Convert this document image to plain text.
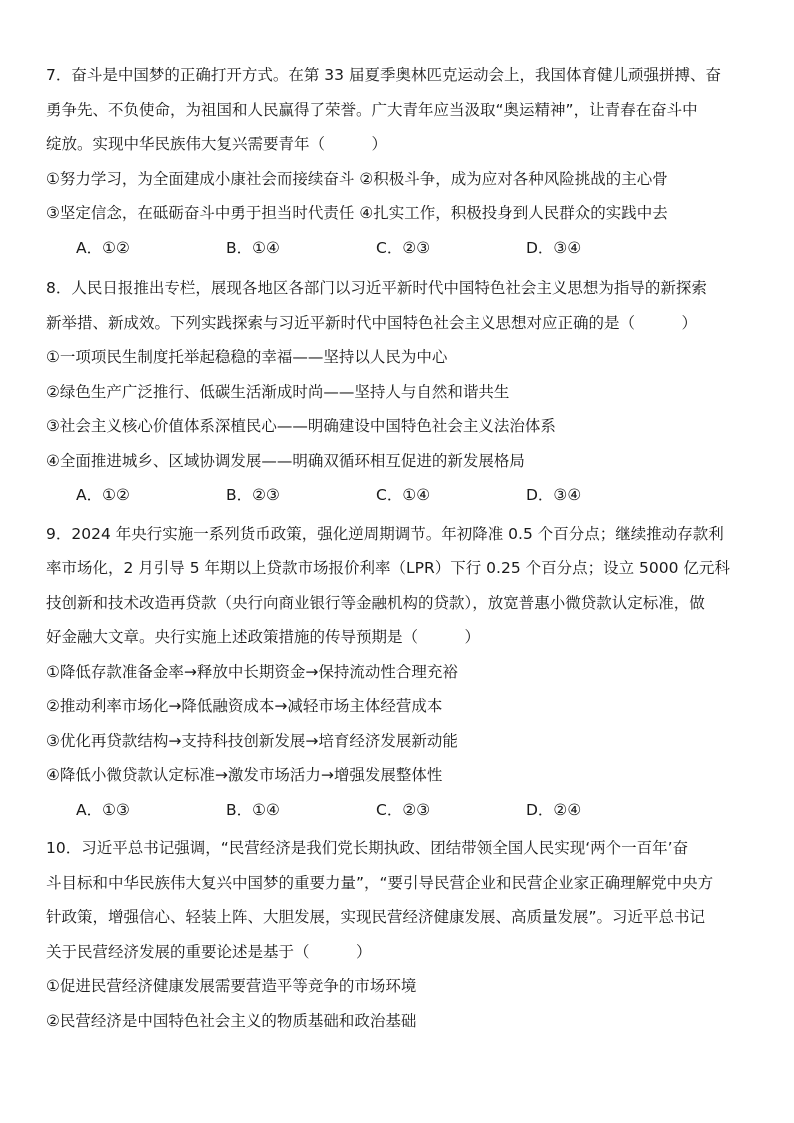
7．奋斗是中国梦的正确打开方式。在第 33 届夏季奥林匹克运动会上，我国体育健儿顽强拼搏、奋

勇争先、不负使命，为祖国和人民赢得了荣誉。广大青年应当汲取“奥运精神”，让青春在奋斗中

绽放。实现中华民族伟大复兴需要青年（　　　）

①努力学习，为全面建成小康社会而接续奋斗 ②积极斗争，成为应对各种风险挑战的主心骨

③坚定信念，在砥砺奋斗中勇于担当时代责任 ④扎实工作，积极投身到人民群众的实践中去

A．①②	B．①④	C．②③	D．③④

8．人民日报推出专栏，展现各地区各部门以习近平新时代中国特色社会主义思想为指导的新探索

新举措、新成效。下列实践探索与习近平新时代中国特色社会主义思想对应正确的是（　　　）

①一项项民生制度托举起稳稳的幸福——坚持以人民为中心

②绿色生产广泛推行、低碳生活渐成时尚——坚持人与自然和谐共生

③社会主义核心价值体系深植民心——明确建设中国特色社会主义法治体系

④全面推进城乡、区域协调发展——明确双循环相互促进的新发展格局

A．①②	B．②③	C．①④	D．③④

9．2024 年央行实施一系列货币政策，强化逆周期调节。年初降准 0.5 个百分点；继续推动存款利

率市场化，2 月引导 5 年期以上贷款市场报价利率（LPR）下行 0.25 个百分点；设立 5000 亿元科

技创新和技术改造再贷款（央行向商业银行等金融机构的贷款），放宽普惠小微贷款认定标准，做

好金融大文章。央行实施上述政策措施的传导预期是（　　　）

①降低存款准备金率→释放中长期资金→保持流动性合理充裕

②推动利率市场化→降低融资成本→减轻市场主体经营成本

③优化再贷款结构→支持科技创新发展→培育经济发展新动能

④降低小微贷款认定标准→激发市场活力→增强发展整体性

A．①③	B．①④	C．②③	D．②④

10．习近平总书记强调，“民营经济是我们党长期执政、团结带领全国人民实现‘两个一百年’奋

斗目标和中华民族伟大复兴中国梦的重要力量”，“要引导民营企业和民营企业家正确理解党中央方

针政策，增强信心、轻装上阵、大胆发展，实现民营经济健康发展、高质量发展”。习近平总书记

关于民营经济发展的重要论述是基于（　　　）

①促进民营经济健康发展需要营造平等竞争的市场环境

②民营经济是中国特色社会主义的物质基础和政治基础
